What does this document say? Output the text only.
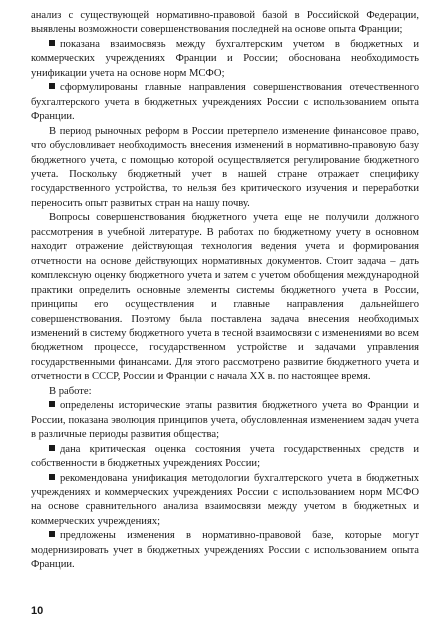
анализ с существующей нормативно-правовой базой в Российской Федерации, выявлены возможности совершенствования последней на основе опыта Франции;

показана взаимосвязь между бухгалтерским учетом в бюджетных и коммерческих учреждениях Франции и России; обоснована необходимость унификации учета на основе норм МСФО;

сформулированы главные направления совершенствования отечественного бухгалтерского учета в бюджетных учреждениях России с использованием опыта Франции.

В период рыночных реформ в России претерпело изменение финансовое право, что обусловливает необходимость внесения изменений в нормативно-правовую базу бюджетного учета, с помощью которой осуществляется регулирование бюджетного учета. Поскольку бюджетный учет в нашей стране отражает специфику государственного устройства, то нельзя без критического изучения и переработки переносить опыт развитых стран на нашу почву.

Вопросы совершенствования бюджетного учета еще не получили должного рассмотрения в учебной литературе. В работах по бюджетному учету в основном находит отражение действующая технология ведения учета и формирования отчетности на основе действующих нормативных документов. Стоит задача – дать комплексную оценку бюджетного учета и затем с учетом обобщения международной практики определить основные элементы системы бюджетного учета в России, принципы его осуществления и главные направления дальнейшего совершенствования. Поэтому была поставлена задача внесения необходимых изменений в систему бюджетного учета в тесной взаимосвязи с изменениями во всем бюджетном процессе, государственном устройстве и задачами управления государственными финансами. Для этого рассмотрено развитие бюджетного учета и отчетности в СССР, России и Франции с начала XX в. по настоящее время.

В работе:

определены исторические этапы развития бюджетного учета во Франции и России, показана эволюция принципов учета, обусловленная изменением задач учета в различные периоды развития общества;

дана критическая оценка состояния учета государственных средств и собственности в бюджетных учреждениях России;

рекомендована унификация методологии бухгалтерского учета в бюджетных учреждениях и коммерческих учреждениях России с использованием норм МСФО на основе сравнительного анализа взаимосвязи между учетом в бюджетных и коммерческих учреждениях;

предложены изменения в нормативно-правовой базе, которые могут модернизировать учет в бюджетных учреждениях России с использованием опыта Франции.

10
